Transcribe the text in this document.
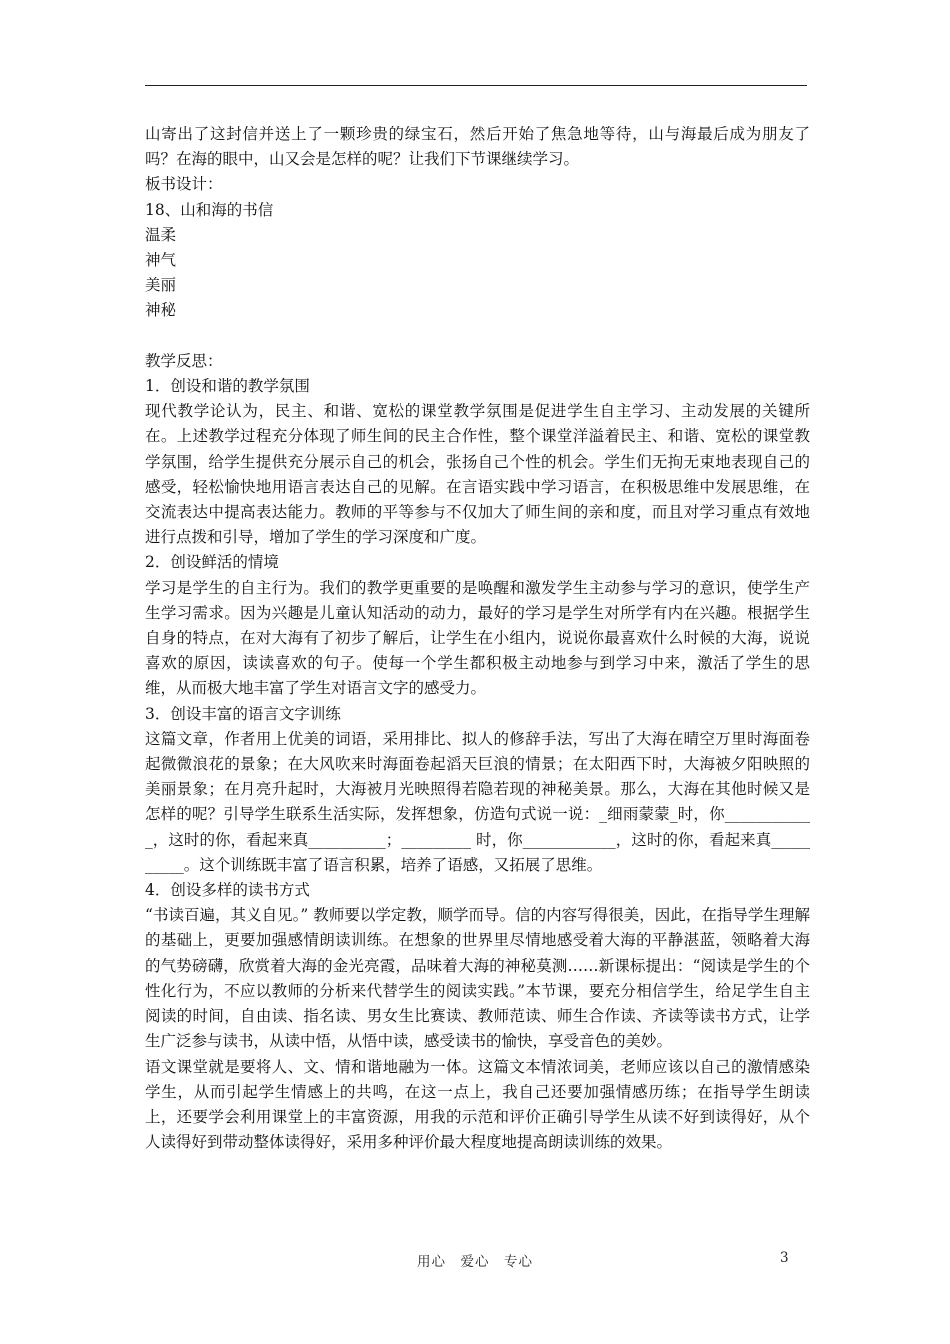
山寄出了这封信并送上了一颗珍贵的绿宝石，然后开始了焦急地等待，山与海最后成为朋友了吗？在海的眼中，山又会是怎样的呢？让我们下节课继续学习。

板书设计：

18、山和海的书信

温柔

神气

美丽

神秘

教学反思：

1．创设和谐的教学氛围

现代教学论认为，民主、和谐、宽松的课堂教学氛围是促进学生自主学习、主动发展的关键所在。上述教学过程充分体现了师生间的民主合作性，整个课堂洋溢着民主、和谐、宽松的课堂教学氛围，给学生提供充分展示自己的机会，张扬自己个性的机会。学生们无拘无束地表现自己的感受，轻松愉快地用语言表达自己的见解。在言语实践中学习语言，在积极思维中发展思维，在交流表达中提高表达能力。教师的平等参与不仅加大了师生间的亲和度，而且对学习重点有效地进行点拨和引导，增加了学生的学习深度和广度。

2．创设鲜活的情境

学习是学生的自主行为。我们的教学更重要的是唤醒和激发学生主动参与学习的意识，使学生产生学习需求。因为兴趣是儿童认知活动的动力，最好的学习是学生对所学有内在兴趣。根据学生自身的特点，在对大海有了初步了解后，让学生在小组内，说说你最喜欢什么时候的大海，说说喜欢的原因，读读喜欢的句子。使每一个学生都积极主动地参与到学习中来，激活了学生的思维，从而极大地丰富了学生对语言文字的感受力。

3．创设丰富的语言文字训练

这篇文章，作者用上优美的词语，采用排比、拟人的修辞手法，写出了大海在晴空万里时海面卷起微微浪花的景象；在大风吹来时海面卷起滔天巨浪的情景；在太阳西下时，大海被夕阳映照的美丽景象；在月亮升起时，大海被月光映照得若隐若现的神秘美景。那么，大海在其他时候又是怎样的呢？引导学生联系生活实际，发挥想象，仿造句式说一说：_细雨蒙蒙_时，你____________，这时的你，看起来真__________；_________ 时，你____________，这时的你，看起来真__________。这个训练既丰富了语言积累，培养了语感，又拓展了思维。

4．创设多样的读书方式

“书读百遍，其义自见。” 教师要以学定教，顺学而导。信的内容写得很美，因此，在指导学生理解的基础上，更要加强感情朗读训练。在想象的世界里尽情地感受着大海的平静湛蓝，领略着大海的气势磅礴，欣赏着大海的金光亮霞，品味着大海的神秘莫测……新课标提出：“阅读是学生的个性化行为，不应以教师的分析来代替学生的阅读实践。”本节课，要充分相信学生，给足学生自主阅读的时间，自由读、指名读、男女生比赛读、教师范读、师生合作读、齐读等读书方式，让学生广泛参与读书，从读中悟，从悟中读，感受读书的愉快，享受音色的美妙。

语文课堂就是要将人、文、情和谐地融为一体。这篇文本情浓词美，老师应该以自己的激情感染学生，从而引起学生情感上的共鸣，在这一点上，我自己还要加强情感历练；在指导学生朗读上，还要学会利用课堂上的丰富资源，用我的示范和评价正确引导学生从读不好到读得好，从个人读得好到带动整体读得好，采用多种评价最大程度地提高朗读训练的效果。

用心　爱心　专心	3
